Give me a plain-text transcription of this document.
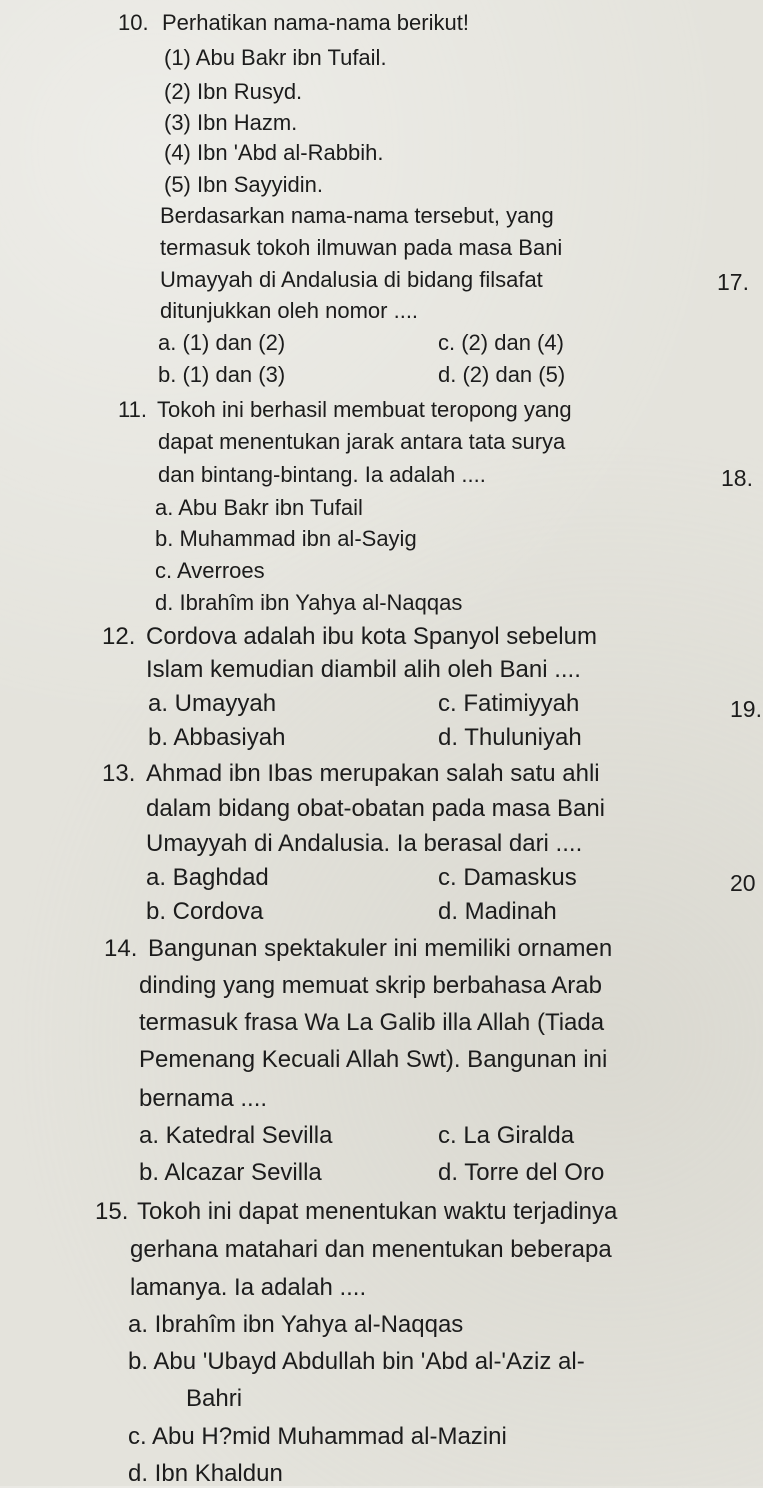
10. Perhatikan nama-nama berikut!
(1) Abu Bakr ibn Tufail.
(2) Ibn Rusyd.
(3) Ibn Hazm.
(4) Ibn 'Abd al-Rabbih.
(5) Ibn Sayyidin.
Berdasarkan nama-nama tersebut, yang
termasuk tokoh ilmuwan pada masa Bani
Umayyah di Andalusia di bidang filsafat
ditunjukkan oleh nomor ....
a. (1) dan (2)	c. (2) dan (4)
b. (1) dan (3)	d. (2) dan (5)
11. Tokoh ini berhasil membuat teropong yang
dapat menentukan jarak antara tata surya
dan bintang-bintang. Ia adalah ....
a. Abu Bakr ibn Tufail
b. Muhammad ibn al-Sayig
c. Averroes
d. Ibrahîm ibn Yahya al-Naqqas
12. Cordova adalah ibu kota Spanyol sebelum
Islam kemudian diambil alih oleh Bani ....
a. Umayyah	c. Fatimiyyah
b. Abbasiyah	d. Thuluniyah
13. Ahmad ibn Ibas merupakan salah satu ahli
dalam bidang obat-obatan pada masa Bani
Umayyah di Andalusia. Ia berasal dari ....
a. Baghdad	c. Damaskus
b. Cordova	d. Madinah
14. Bangunan spektakuler ini memiliki ornamen
dinding yang memuat skrip berbahasa Arab
termasuk frasa Wa La Galib illa Allah (Tiada
Pemenang Kecuali Allah Swt). Bangunan ini
bernama ....
a. Katedral Sevilla	c. La Giralda
b. Alcazar Sevilla	d. Torre del Oro
15. Tokoh ini dapat menentukan waktu terjadinya
gerhana matahari dan menentukan beberapa
lamanya. Ia adalah ....
a. Ibrahîm ibn Yahya al-Naqqas
b. Abu 'Ubayd Abdullah bin 'Abd al-'Aziz al-
Bahri
c. Abu H?mid Muhammad al-Mazini
d. Ibn Khaldun
17.
18.
19.
20
